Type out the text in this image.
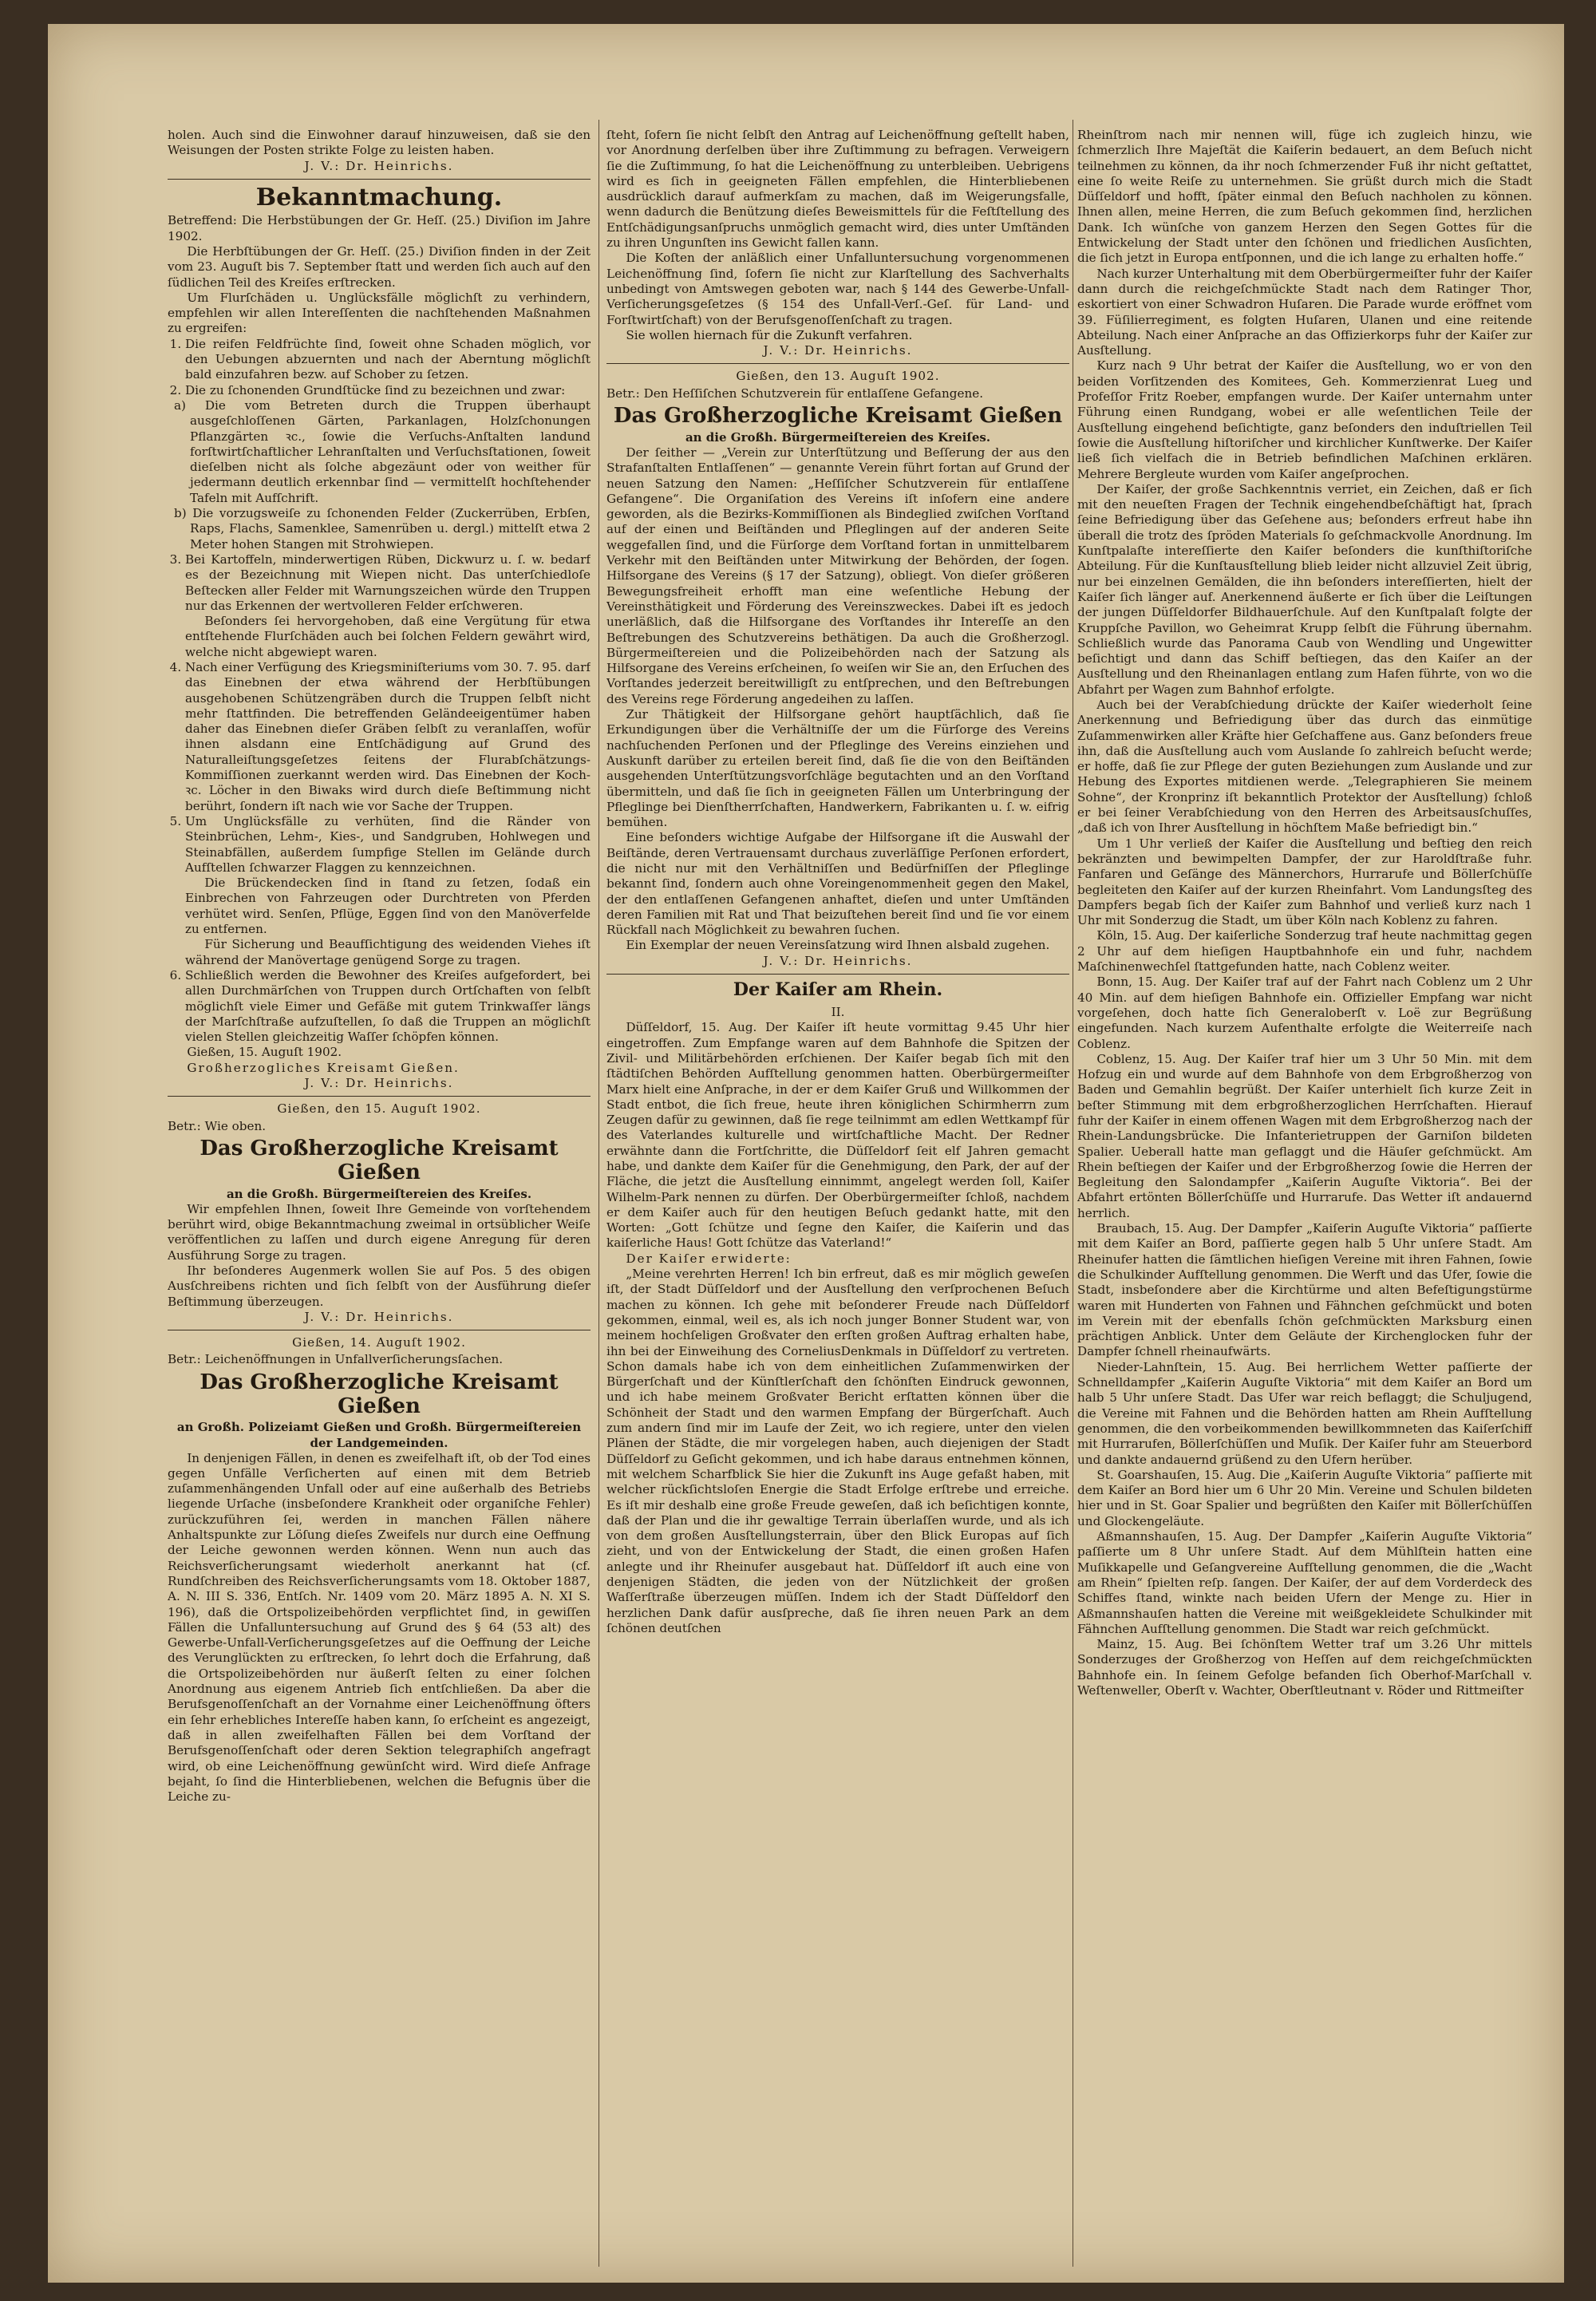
holen. Auch sind die Einwohner darauf hinzuweisen, daß sie den Weisungen der Posten strikte Folge zu leisten haben.

J. V.: Dr. Heinrichs.

Bekanntmachung.

Betreffend: Die Herbstübungen der Gr. Heſſ. (25.) Diviſion im Jahre 1902.

Die Herbſtübungen der Gr. Heſſ. (25.) Diviſion finden in der Zeit vom 23. Auguſt bis 7. September ſtatt und werden ſich auch auf den ſüdlichen Teil des Kreiſes erſtrecken.

Um Flurſchäden u. Unglücksfälle möglichſt zu verhindern, empfehlen wir allen Intereſſenten die nachſtehenden Maßnahmen zu ergreifen:

1. Die reifen Feldfrüchte ſind, ſoweit ohne Schaden möglich, vor den Uebungen abzuernten und nach der Aberntung möglichſt bald einzufahren bezw. auf Schober zu ſetzen.
2. Die zu ſchonenden Grundſtücke ſind zu bezeichnen und zwar:

a) Die vom Betreten durch die Truppen überhaupt ausgeſchloſſenen Gärten, Parkanlagen, Holzſchonungen Pflanzgärten ꝛc., ſowie die Verſuchs-Anſtalten landund forſtwirtſchaftlicher Lehranſtalten und Verſuchsſtationen, ſoweit dieſelben nicht als ſolche abgezäunt oder von weither für jedermann deutlich erkennbar ſind — vermittelſt hochſtehender Tafeln mit Aufſchrift.

b) Die vorzugsweiſe zu ſchonenden Felder (Zuckerrüben, Erbſen, Raps, Flachs, Samenklee, Samenrüben u. dergl.) mittelſt etwa 2 Meter hohen Stangen mit Strohwiepen.

3. Bei Kartoffeln, minderwertigen Rüben, Dickwurz u. ſ. w. bedarf es der Bezeichnung mit Wiepen nicht. Das unterſchiedloſe Beſtecken aller Felder mit Warnungszeichen würde den Truppen nur das Erkennen der wertvolleren Felder erſchweren.

Beſonders ſei hervorgehoben, daß eine Vergütung für etwa entſtehende Flurſchäden auch bei ſolchen Feldern gewährt wird, welche nicht abgewiept waren.

4. Nach einer Verfügung des Kriegsminiſteriums vom 30. 7. 95. darf das Einebnen der etwa während der Herbſtübungen ausgehobenen Schützengräben durch die Truppen ſelbſt nicht mehr ſtattfinden. Die betreffenden Geländeeigentümer haben daher das Einebnen dieſer Gräben ſelbſt zu veranlaſſen, wofür ihnen alsdann eine Entſchädigung auf Grund des Naturalleiſtungsgeſetzes ſeitens der Flurabſchätzungs-Kommiſſionen zuerkannt werden wird. Das Einebnen der Koch- ꝛc. Löcher in den Biwaks wird durch dieſe Beſtimmung nicht berührt, ſondern iſt nach wie vor Sache der Truppen.
5. Um Unglücksfälle zu verhüten, ſind die Ränder von Steinbrüchen, Lehm-, Kies-, und Sandgruben, Hohlwegen und Steinabfällen, außerdem ſumpfige Stellen im Gelände durch Aufſtellen ſchwarzer Flaggen zu kennzeichnen.

Die Brückendecken ſind in ſtand zu ſetzen, ſodaß ein Einbrechen von Fahrzeugen oder Durchtreten von Pferden verhütet wird. Senſen, Pflüge, Eggen ſind von den Manöverfelde zu entfernen.

Für Sicherung und Beaufſichtigung des weidenden Viehes iſt während der Manövertage genügend Sorge zu tragen.

6. Schließlich werden die Bewohner des Kreiſes aufgefordert, bei allen Durchmärſchen von Truppen durch Ortſchaften von ſelbſt möglichſt viele Eimer und Gefäße mit gutem Trinkwaſſer längs der Marſchſtraße aufzuſtellen, ſo daß die Truppen an möglichſt vielen Stellen gleichzeitig Waſſer ſchöpfen können.

Gießen, 15. Auguſt 1902.

Großherzogliches Kreisamt Gießen.

J. V.: Dr. Heinrichs.

Gießen, den 15. Auguſt 1902.

Betr.: Wie oben.

Das Großherzogliche Kreisamt Gießen

an die Großh. Bürgermeiſtereien des Kreiſes.

Wir empfehlen Ihnen, ſoweit Ihre Gemeinde von vorſtehendem berührt wird, obige Bekanntmachung zweimal in ortsüblicher Weiſe veröffentlichen zu laſſen und durch eigene Anregung für deren Ausführung Sorge zu tragen.

Ihr beſonderes Augenmerk wollen Sie auf Pos. 5 des obigen Ausſchreibens richten und ſich ſelbſt von der Ausführung dieſer Beſtimmung überzeugen.

J. V.: Dr. Heinrichs.

Gießen, 14. Auguſt 1902.

Betr.: Leichenöffnungen in Unfallverſicherungsſachen.

Das Großherzogliche Kreisamt Gießen

an Großh. Polizeiamt Gießen und Großh. Bürgermeiſtereien der Landgemeinden.

In denjenigen Fällen, in denen es zweifelhaft iſt, ob der Tod eines gegen Unfälle Verſicherten auf einen mit dem Betrieb zuſammenhängenden Unfall oder auf eine außerhalb des Betriebs liegende Urſache (insbeſondere Krankheit oder organiſche Fehler) zurückzuführen ſei, werden in manchen Fällen nähere Anhaltspunkte zur Löſung dieſes Zweifels nur durch eine Oeffnung der Leiche gewonnen werden können. Wenn nun auch das Reichsverſicherungsamt wiederholt anerkannt hat (cf. Rundſchreiben des Reichsverſicherungsamts vom 18. Oktober 1887, A. N. III S. 336, Entſch. Nr. 1409 vom 20. März 1895 A. N. XI S. 196), daß die Ortspolizeibehörden verpflichtet ſind, in gewiſſen Fällen die Unfalluntersuchung auf Grund des § 64 (53 alt) des Gewerbe-Unfall-Verſicherungsgeſetzes auf die Oeffnung der Leiche des Verunglückten zu erſtrecken, ſo lehrt doch die Erfahrung, daß die Ortspolizeibehörden nur äußerſt ſelten zu einer ſolchen Anordnung aus eigenem Antrieb ſich entſchließen. Da aber die Berufsgenoſſenſchaft an der Vornahme einer Leichenöffnung öfters ein ſehr erhebliches Intereſſe haben kann, ſo erſcheint es angezeigt, daß in allen zweifelhaften Fällen bei dem Vorſtand der Berufsgenoſſenſchaft oder deren Sektion telegraphiſch angefragt wird, ob eine Leichenöffnung gewünſcht wird. Wird dieſe Anfrage bejaht, ſo ſind die Hinterbliebenen, welchen die Befugnis über die Leiche zu-

ſteht, ſofern ſie nicht ſelbſt den Antrag auf Leichenöffnung geſtellt haben, vor Anordnung derſelben über ihre Zuſtimmung zu befragen. Verweigern ſie die Zuſtimmung, ſo hat die Leichenöffnung zu unterbleiben. Uebrigens wird es ſich in geeigneten Fällen empfehlen, die Hinterbliebenen ausdrücklich darauf aufmerkſam zu machen, daß im Weigerungsfalle, wenn dadurch die Benützung dieſes Beweismittels für die Feſtſtellung des Entſchädigungsanſpruchs unmöglich gemacht wird, dies unter Umſtänden zu ihren Ungunſten ins Gewicht fallen kann.

Die Koſten der anläßlich einer Unfalluntersuchung vorgenommenen Leichenöffnung ſind, ſofern ſie nicht zur Klarſtellung des Sachverhalts unbedingt von Amtswegen geboten war, nach § 144 des Gewerbe-Unfall-Verſicherungsgeſetzes (§ 154 des Unfall-Verſ.-Geſ. für Land- und Forſtwirtſchaft) von der Berufsgenoſſenſchaft zu tragen.

Sie wollen hiernach für die Zukunft verfahren.

J. V.: Dr. Heinrichs.

Gießen, den 13. Auguſt 1902.

Betr.: Den Heſſiſchen Schutzverein für entlaſſene Gefangene.

Das Großherzogliche Kreisamt Gießen

an die Großh. Bürgermeiſtereien des Kreiſes.

Der ſeither — „Verein zur Unterſtützung und Beſſerung der aus den Strafanſtalten Entlaſſenen“ — genannte Verein führt fortan auf Grund der neuen Satzung den Namen: „Heſſiſcher Schutzverein für entlaſſene Gefangene“. Die Organiſation des Vereins iſt inſofern eine andere geworden, als die Bezirks-Kommiſſionen als Bindeglied zwiſchen Vorſtand auf der einen und Beiſtänden und Pfleglingen auf der anderen Seite weggefallen ſind, und die Fürſorge dem Vorſtand fortan in unmittelbarem Verkehr mit den Beiſtänden unter Mitwirkung der Behörden, der ſogen. Hilfsorgane des Vereins (§ 17 der Satzung), obliegt. Von dieſer größeren Bewegungsfreiheit erhofft man eine weſentliche Hebung der Vereinsthätigkeit und Förderung des Vereinszweckes. Dabei iſt es jedoch unerläßlich, daß die Hilfsorgane des Vorſtandes ihr Intereſſe an den Beſtrebungen des Schutzvereins bethätigen. Da auch die Großherzogl. Bürgermeiſtereien und die Polizeibehörden nach der Satzung als Hilfsorgane des Vereins erſcheinen, ſo weiſen wir Sie an, den Erſuchen des Vorſtandes jederzeit bereitwilligſt zu entſprechen, und den Beſtrebungen des Vereins rege Förderung angedeihen zu laſſen.

Zur Thätigkeit der Hilfsorgane gehört hauptſächlich, daß ſie Erkundigungen über die Verhältniſſe der um die Fürſorge des Vereins nachſuchenden Perſonen und der Pfleglinge des Vereins einziehen und Auskunft darüber zu erteilen bereit ſind, daß ſie die von den Beiſtänden ausgehenden Unterſtützungsvorſchläge begutachten und an den Vorſtand übermitteln, und daß ſie ſich in geeigneten Fällen um Unterbringung der Pfleglinge bei Dienſtherrſchaften, Handwerkern, Fabrikanten u. ſ. w. eifrig bemühen.

Eine beſonders wichtige Aufgabe der Hilfsorgane iſt die Auswahl der Beiſtände, deren Vertrauensamt durchaus zuverläſſige Perſonen erfordert, die nicht nur mit den Verhältniſſen und Bedürfniſſen der Pfleglinge bekannt ſind, ſondern auch ohne Voreingenommenheit gegen den Makel, der den entlaſſenen Gefangenen anhaftet, dieſen und unter Umſtänden deren Familien mit Rat und That beizuſtehen bereit ſind und ſie vor einem Rückfall nach Möglichkeit zu bewahren ſuchen.

Ein Exemplar der neuen Vereinsſatzung wird Ihnen alsbald zugehen.

J. V.: Dr. Heinrichs.

Der Kaiſer am Rhein.

II.

Düſſeldorf, 15. Aug. Der Kaiſer iſt heute vormittag 9.45 Uhr hier eingetroffen. Zum Empfange waren auf dem Bahnhofe die Spitzen der Zivil- und Militärbehörden erſchienen. Der Kaiſer begab ſich mit den ſtädtiſchen Behörden Aufſtellung genommen hatten. Oberbürgermeiſter Marx hielt eine Anſprache, in der er dem Kaiſer Gruß und Willkommen der Stadt entbot, die ſich freue, heute ihren königlichen Schirmherrn zum Zeugen dafür zu gewinnen, daß ſie rege teilnimmt am edlen Wettkampf für des Vaterlandes kulturelle und wirtſchaftliche Macht. Der Redner erwähnte dann die Fortſchritte, die Düſſeldorf ſeit elf Jahren gemacht habe, und dankte dem Kaiſer für die Genehmigung, den Park, der auf der Fläche, die jetzt die Ausſtellung einnimmt, angelegt werden ſoll, Kaiſer Wilhelm-Park nennen zu dürfen. Der Oberbürgermeiſter ſchloß, nachdem er dem Kaiſer auch für den heutigen Beſuch gedankt hatte, mit den Worten: „Gott ſchütze und ſegne den Kaiſer, die Kaiſerin und das kaiſerliche Haus! Gott ſchütze das Vaterland!“

Der Kaiſer erwiderte:

„Meine verehrten Herren! Ich bin erfreut, daß es mir möglich geweſen iſt, der Stadt Düſſeldorf und der Ausſtellung den verſprochenen Beſuch machen zu können. Ich gehe mit beſonderer Freude nach Düſſeldorf gekommen, einmal, weil es, als ich noch junger Bonner Student war, von meinem hochſeligen Großvater den erſten großen Auftrag erhalten habe, ihn bei der Einweihung des CorneliusDenkmals in Düſſeldorf zu vertreten. Schon damals habe ich von dem einheitlichen Zuſammenwirken der Bürgerſchaft und der Künſtlerſchaft den ſchönſten Eindruck gewonnen, und ich habe meinem Großvater Bericht erſtatten können über die Schönheit der Stadt und den warmen Empfang der Bürgerſchaft. Auch zum andern ſind mir im Laufe der Zeit, wo ich regiere, unter den vielen Plänen der Städte, die mir vorgelegen haben, auch diejenigen der Stadt Düſſeldorf zu Geſicht gekommen, und ich habe daraus entnehmen können, mit welchem Scharfblick Sie hier die Zukunft ins Auge gefaßt haben, mit welcher rückſichtsloſen Energie die Stadt Erfolge erſtrebe und erreiche. Es iſt mir deshalb eine große Freude geweſen, daß ich beſichtigen konnte, daß der Plan und die ihr gewaltige Terrain überlaſſen wurde, und als ich von dem großen Ausſtellungsterrain, über den Blick Europas auf ſich zieht, und von der Entwickelung der Stadt, die einen großen Hafen anlegte und ihr Rheinufer ausgebaut hat. Düſſeldorf iſt auch eine von denjenigen Städten, die jeden von der Nützlichkeit der großen Waſſerſtraße überzeugen müſſen. Indem ich der Stadt Düſſeldorf den herzlichen Dank dafür ausſpreche, daß ſie ihren neuen Park an dem ſchönen deutſchen

Rheinſtrom nach mir nennen will, füge ich zugleich hinzu, wie ſchmerzlich Ihre Majeſtät die Kaiſerin bedauert, an dem Beſuch nicht teilnehmen zu können, da ihr noch ſchmerzender Fuß ihr nicht geſtattet, eine ſo weite Reiſe zu unternehmen. Sie grüßt durch mich die Stadt Düſſeldorf und hofft, ſpäter einmal den Beſuch nachholen zu können. Ihnen allen, meine Herren, die zum Beſuch gekommen ſind, herzlichen Dank. Ich wünſche von ganzem Herzen den Segen Gottes für die Entwickelung der Stadt unter den ſchönen und friedlichen Ausſichten, die ſich jetzt in Europa entſponnen, und die ich lange zu erhalten hoffe.“

Nach kurzer Unterhaltung mit dem Oberbürgermeiſter fuhr der Kaiſer dann durch die reichgeſchmückte Stadt nach dem Ratinger Thor, eskortiert von einer Schwadron Huſaren. Die Parade wurde eröffnet vom 39. Füſilierregiment, es folgten Huſaren, Ulanen und eine reitende Abteilung. Nach einer Anſprache an das Offizierkorps fuhr der Kaiſer zur Ausſtellung.

Kurz nach 9 Uhr betrat der Kaiſer die Ausſtellung, wo er von den beiden Vorſitzenden des Komitees, Geh. Kommerzienrat Lueg und Profeſſor Fritz Roeber, empfangen wurde. Der Kaiſer unternahm unter Führung einen Rundgang, wobei er alle weſentlichen Teile der Ausſtellung eingehend beſichtigte, ganz beſonders den induſtriellen Teil ſowie die Ausſtellung hiſtoriſcher und kirchlicher Kunſtwerke. Der Kaiſer ließ ſich vielfach die in Betrieb befindlichen Maſchinen erklären. Mehrere Bergleute wurden vom Kaiſer angeſprochen.

Der Kaiſer, der große Sachkenntnis verriet, ein Zeichen, daß er ſich mit den neueſten Fragen der Technik eingehendbeſchäftigt hat, ſprach ſeine Befriedigung über das Geſehene aus; beſonders erfreut habe ihn überall die trotz des ſpröden Materials ſo geſchmackvolle Anordnung. Im Kunſtpalaſte intereſſierte den Kaiſer beſonders die kunſthiſtoriſche Abteilung. Für die Kunſtausſtellung blieb leider nicht allzuviel Zeit übrig, nur bei einzelnen Gemälden, die ihn beſonders intereſſierten, hielt der Kaiſer ſich länger auf. Anerkennend äußerte er ſich über die Leiſtungen der jungen Düſſeldorfer Bildhauerſchule. Auf den Kunſtpalaſt folgte der Kruppſche Pavillon, wo Geheimrat Krupp ſelbſt die Führung übernahm. Schließlich wurde das Panorama Caub von Wendling und Ungewitter beſichtigt und dann das Schiff beſtiegen, das den Kaiſer an der Ausſtellung und den Rheinanlagen entlang zum Hafen führte, von wo die Abfahrt per Wagen zum Bahnhof erfolgte.

Auch bei der Verabſchiedung drückte der Kaiſer wiederholt ſeine Anerkennung und Befriedigung über das durch das einmütige Zuſammenwirken aller Kräfte hier Geſchaffene aus. Ganz beſonders freue ihn, daß die Ausſtellung auch vom Auslande ſo zahlreich beſucht werde; er hoffe, daß ſie zur Pflege der guten Beziehungen zum Auslande und zur Hebung des Exportes mitdienen werde. „Telegraphieren Sie meinem Sohne“, der Kronprinz iſt bekanntlich Protektor der Ausſtellung) ſchloß er bei ſeiner Verabſchiedung von den Herren des Arbeitsausſchuſſes, „daß ich von Ihrer Ausſtellung in höchſtem Maße befriedigt bin.“

Um 1 Uhr verließ der Kaiſer die Ausſtellung und beſtieg den reich bekränzten und bewimpelten Dampfer, der zur Haroldſtraße fuhr. Fanfaren und Geſänge des Männerchors, Hurrarufe und Böllerſchüſſe begleiteten den Kaiſer auf der kurzen Rheinfahrt. Vom Landungsſteg des Dampfers begab ſich der Kaiſer zum Bahnhof und verließ kurz nach 1 Uhr mit Sonderzug die Stadt, um über Köln nach Koblenz zu fahren.

Köln, 15. Aug. Der kaiſerliche Sonderzug traf heute nachmittag gegen 2 Uhr auf dem hieſigen Hauptbahnhofe ein und fuhr, nachdem Maſchinenwechſel ſtattgefunden hatte, nach Coblenz weiter.

Bonn, 15. Aug. Der Kaiſer traf auf der Fahrt nach Coblenz um 2 Uhr 40 Min. auf dem hieſigen Bahnhofe ein. Offizieller Empfang war nicht vorgeſehen, doch hatte ſich Generaloberſt v. Loë zur Begrüßung eingefunden. Nach kurzem Aufenthalte erfolgte die Weiterreiſe nach Coblenz.

Coblenz, 15. Aug. Der Kaiſer traf hier um 3 Uhr 50 Min. mit dem Hofzug ein und wurde auf dem Bahnhofe von dem Erbgroßherzog von Baden und Gemahlin begrüßt. Der Kaiſer unterhielt ſich kurze Zeit in beſter Stimmung mit dem erbgroßherzoglichen Herrſchaften. Hierauf fuhr der Kaiſer in einem offenen Wagen mit dem Erbgroßherzog nach der Rhein-Landungsbrücke. Die Infanterietruppen der Garniſon bildeten Spalier. Ueberall hatte man geflaggt und die Häuſer geſchmückt. Am Rhein beſtiegen der Kaiſer und der Erbgroßherzog ſowie die Herren der Begleitung den Salondampfer „Kaiſerin Auguſte Viktoria“. Bei der Abfahrt ertönten Böllerſchüſſe und Hurrarufe. Das Wetter iſt andauernd herrlich.

Braubach, 15. Aug. Der Dampfer „Kaiſerin Auguſte Viktoria“ paſſierte mit dem Kaiſer an Bord, paſſierte gegen halb 5 Uhr unſere Stadt. Am Rheinufer hatten die ſämtlichen hieſigen Vereine mit ihren Fahnen, ſowie die Schulkinder Aufſtellung genommen. Die Werft und das Ufer, ſowie die Stadt, insbeſondere aber die Kirchtürme und alten Befeſtigungstürme waren mit Hunderten von Fahnen und Fähnchen geſchmückt und boten im Verein mit der ebenfalls ſchön geſchmückten Marksburg einen prächtigen Anblick. Unter dem Geläute der Kirchenglocken fuhr der Dampfer ſchnell rheinaufwärts.

Nieder-Lahnſtein, 15. Aug. Bei herrlichem Wetter paſſierte der Schnelldampfer „Kaiſerin Auguſte Viktoria“ mit dem Kaiſer an Bord um halb 5 Uhr unſere Stadt. Das Ufer war reich beflaggt; die Schuljugend, die Vereine mit Fahnen und die Behörden hatten am Rhein Aufſtellung genommen, die den vorbeikommenden bewillkommneten das Kaiſerſchiff mit Hurrarufen, Böllerſchüſſen und Muſik. Der Kaiſer fuhr am Steuerbord und dankte andauernd grüßend zu den Ufern herüber.

St. Goarshauſen, 15. Aug. Die „Kaiſerin Auguſte Viktoria“ paſſierte mit dem Kaiſer an Bord hier um 6 Uhr 20 Min. Vereine und Schulen bildeten hier und in St. Goar Spalier und begrüßten den Kaiſer mit Böllerſchüſſen und Glockengeläute.

Aßmannshauſen, 15. Aug. Der Dampfer „Kaiſerin Auguſte Viktoria“ paſſierte um 8 Uhr unſere Stadt. Auf dem Mühlſtein hatten eine Muſikkapelle und Geſangvereine Aufſtellung genommen, die die „Wacht am Rhein“ ſpielten reſp. ſangen. Der Kaiſer, der auf dem Vorderdeck des Schiffes ſtand, winkte nach beiden Ufern der Menge zu. Hier in Aßmannshauſen hatten die Vereine mit weißgekleidete Schulkinder mit Fähnchen Aufſtellung genommen. Die Stadt war reich geſchmückt.

Mainz, 15. Aug. Bei ſchönſtem Wetter traf um 3.26 Uhr mittels Sonderzuges der Großherzog von Heſſen auf dem reichgeſchmückten Bahnhofe ein. In ſeinem Gefolge befanden ſich Oberhof-Marſchall v. Weſtenweller, Oberſt v. Wachter, Oberſtleutnant v. Röder und Rittmeiſter
